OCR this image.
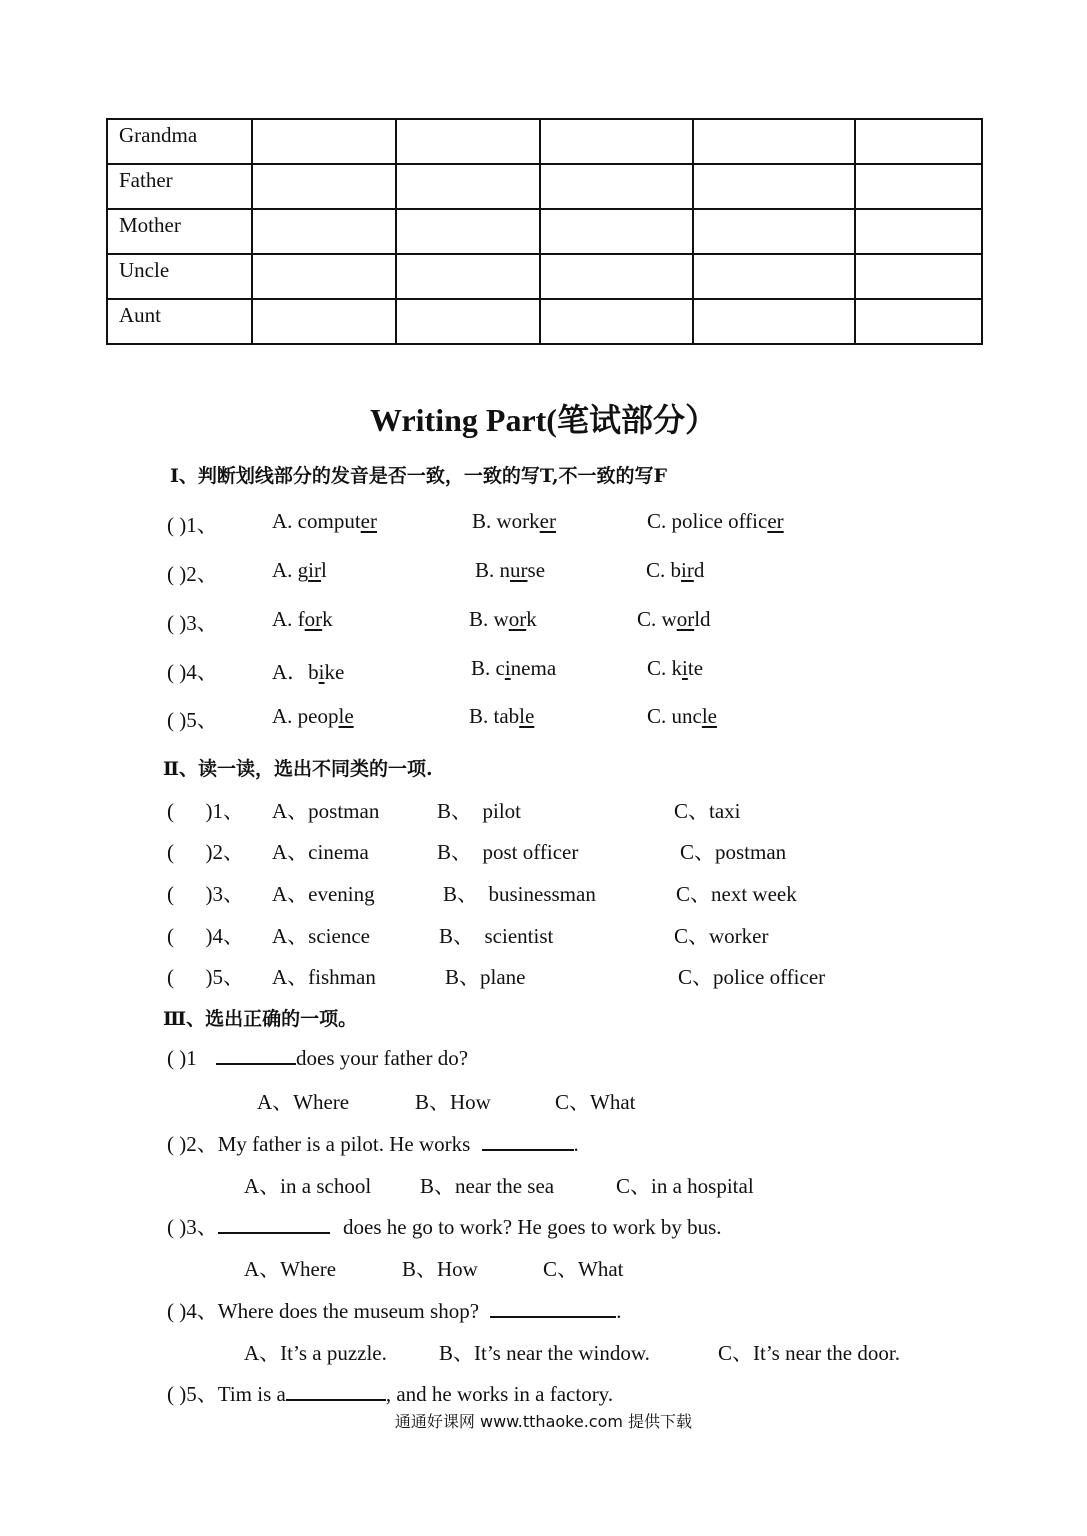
Grandma					
Father					
Mother					
Uncle					
Aunt					
Writing Part(笔试部分）
Ⅰ、判断划线部分的发音是否一致，一致的写T,不一致的写F
( )1、	A. computer	B. worker	C. police officer
( )2、	A. girl	B. nurse	C. bird
( )3、	A. fork	B. work	C. world
( )4、	A．bike	B. cinema	C. kite
( )5、	A. people	B. table	C. uncle
Ⅱ、读一读，选出不同类的一项.
(      )1、 A、postman	B、  pilot	C、taxi
(      )2、 A、cinema	B、  post officer	C、postman
(      )3、 A、evening	B、  businessman	C、next week
(      )4、 A、science	B、  scientist	C、worker
(      )5、 A、fishman	B、plane	C、police officer
Ⅲ、选出正确的一项。
( )1	does your father do?
A、Where	B、How	C、What
( )2、My father is a pilot. He works	.
A、in a school B、near the sea	C、in a hospital
( )3、	does he go to work? He goes to work by bus.
A、Where	B、How	C、What
( )4、Where does the museum shop?	.
A、It’s a puzzle. B、It’s near the window.	C、It’s near the door.
( )5、Tim is a	, and he works in a factory.
通通好课网 www.tthaoke.com 提供下载
